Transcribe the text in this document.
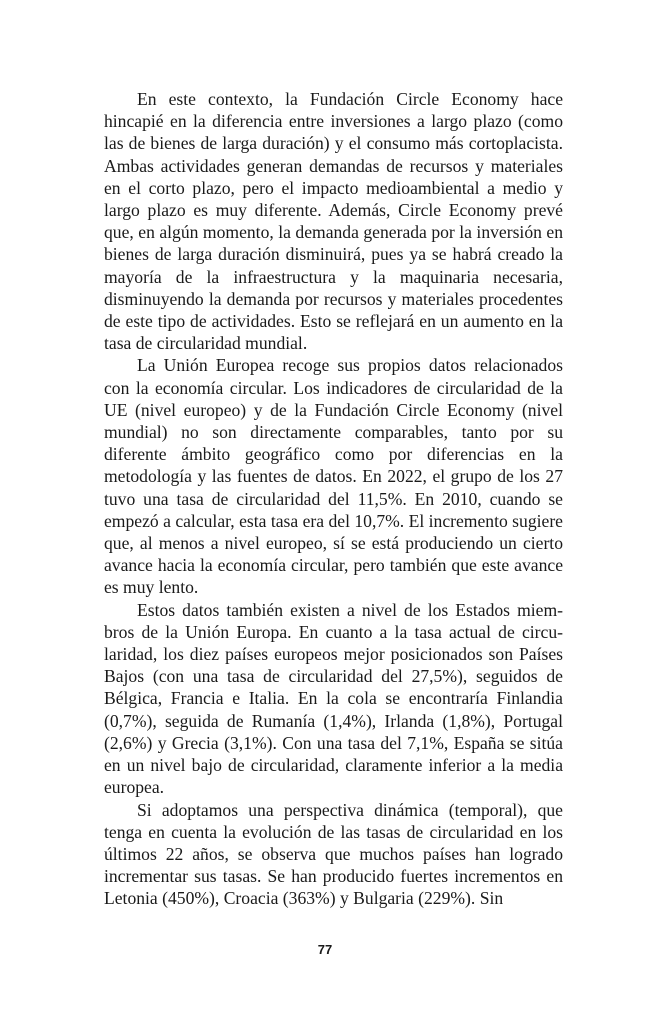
En este contexto, la Fundación Circle Economy hace hincapié en la diferencia entre inversiones a largo plazo (como las de bienes de larga duración) y el consumo más cortoplacista. Ambas actividades generan demandas de recursos y materiales en el corto plazo, pero el impacto medioambiental a medio y largo plazo es muy diferente. Además, Circle Economy prevé que, en algún momento, la demanda generada por la inversión en bienes de larga duración disminuirá, pues ya se habrá creado la mayoría de la infraestructura y la maquinaria necesaria, disminuyendo la demanda por recursos y materiales procedentes de este tipo de actividades. Esto se reflejará en un aumento en la tasa de circularidad mundial.

La Unión Europea recoge sus propios datos relacionados con la economía circular. Los indicadores de circularidad de la UE (nivel europeo) y de la Fundación Circle Economy (nivel mundial) no son directamente comparables, tanto por su diferente ámbito geográfico como por diferencias en la metodología y las fuentes de datos. En 2022, el grupo de los 27 tuvo una tasa de circularidad del 11,5%. En 2010, cuando se empezó a calcular, esta tasa era del 10,7%. El incremento sugiere que, al menos a nivel europeo, sí se está produciendo un cierto avance hacia la economía circular, pero también que este avance es muy lento.

Estos datos también existen a nivel de los Estados miembros de la Unión Europa. En cuanto a la tasa actual de circularidad, los diez países europeos mejor posicionados son Países Bajos (con una tasa de circularidad del 27,5%), seguidos de Bélgica, Francia e Italia. En la cola se encontraría Finlandia (0,7%), seguida de Rumanía (1,4%), Irlanda (1,8%), Portugal (2,6%) y Grecia (3,1%). Con una tasa del 7,1%, España se sitúa en un nivel bajo de circularidad, claramente inferior a la media europea.

Si adoptamos una perspectiva dinámica (temporal), que tenga en cuenta la evolución de las tasas de circularidad en los últimos 22 años, se observa que muchos países han logrado incrementar sus tasas. Se han producido fuertes incrementos en Letonia (450%), Croacia (363%) y Bulgaria (229%). Sin

77
